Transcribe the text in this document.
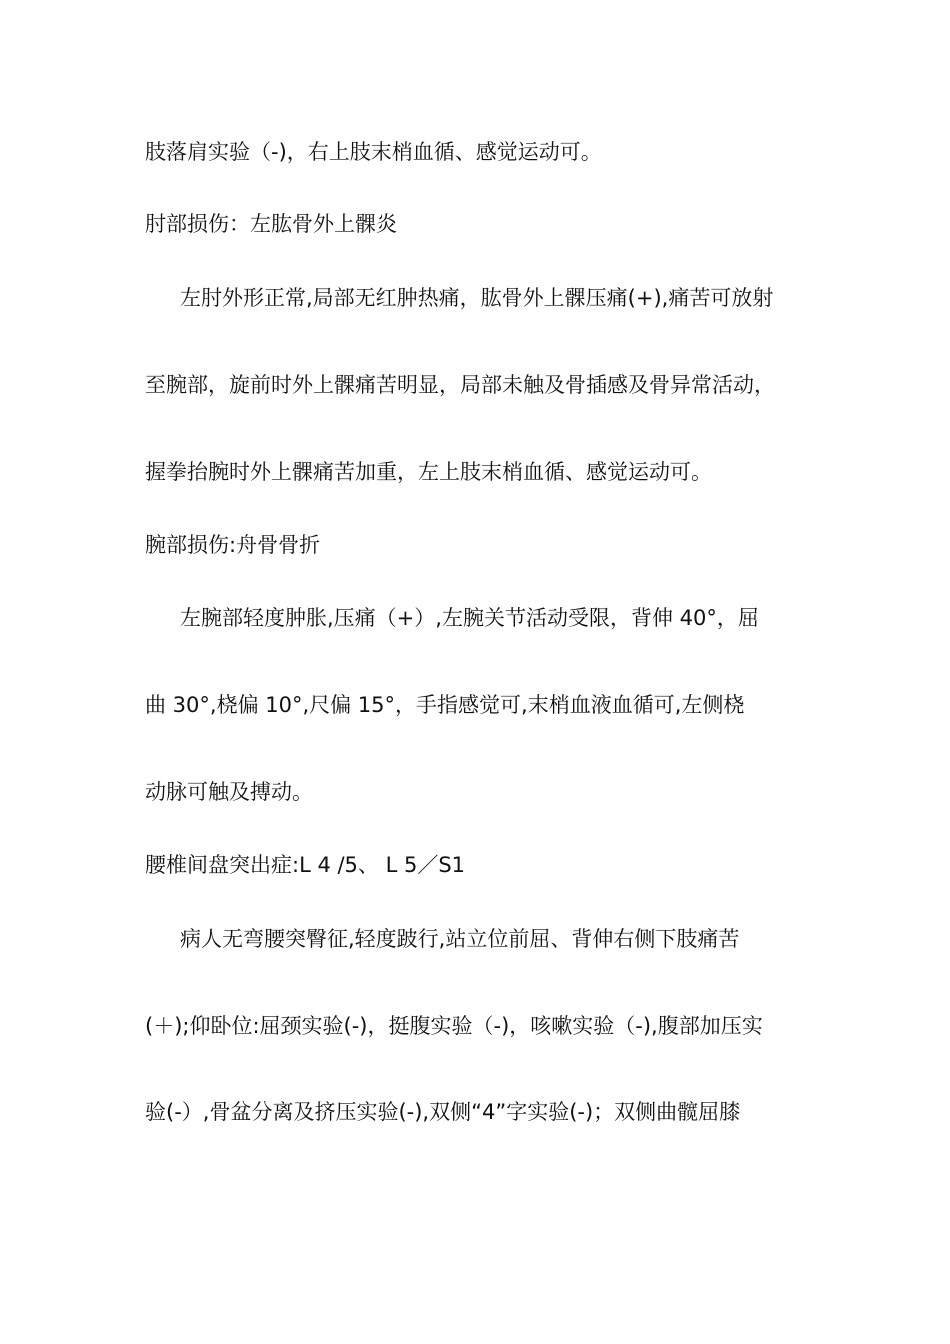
肢落肩实验（-)，右上肢末梢血循、感觉运动可。
肘部损伤：左肱骨外上髁炎
左肘外形正常,局部无红肿热痛，肱骨外上髁压痛(+),痛苦可放射
至腕部，旋前时外上髁痛苦明显，局部未触及骨插感及骨异常活动，
握拳抬腕时外上髁痛苦加重，左上肢末梢血循、感觉运动可。
腕部损伤:舟骨骨折
左腕部轻度肿胀,压痛（+）,左腕关节活动受限，背伸 40°，屈
曲 30°,桡偏 10°,尺偏 15°，手指感觉可,末梢血液血循可,左侧桡
动脉可触及搏动。
腰椎间盘突出症:L 4 /5、 L 5／S1
病人无弯腰突臀征,轻度跛行,站立位前屈、背伸右侧下肢痛苦
(＋);仰卧位:屈颈实验(-)，挺腹实验（-)，咳嗽实验（-),腹部加压实
验(-）,骨盆分离及挤压实验(-),双侧“4”字实验(-)；双侧曲髋屈膝
